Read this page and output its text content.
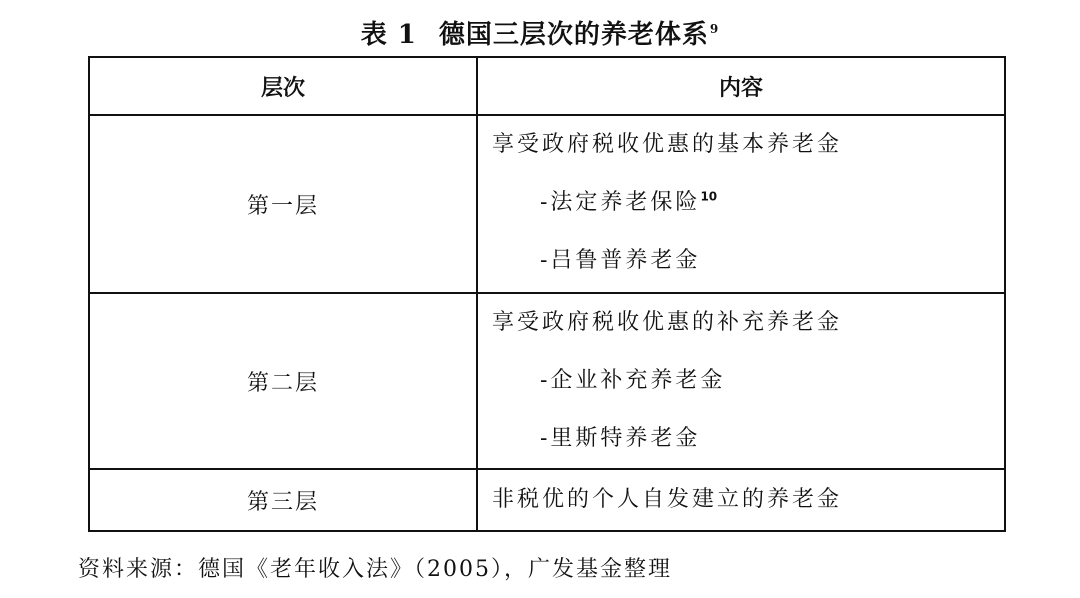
表 1 德国三层次的养老体系$^9$
层次	内容
第一层	享受政府税收优惠的基本养老金
-法定养老保险$^{10}$
-吕鲁普养老金

第二层	享受政府税收优惠的补充养老金
-企业补充养老金
-里斯特养老金

第三层	非税优的个人自发建立的养老金
资料来源：德国《老年收入法》（2005），广发基金整理
